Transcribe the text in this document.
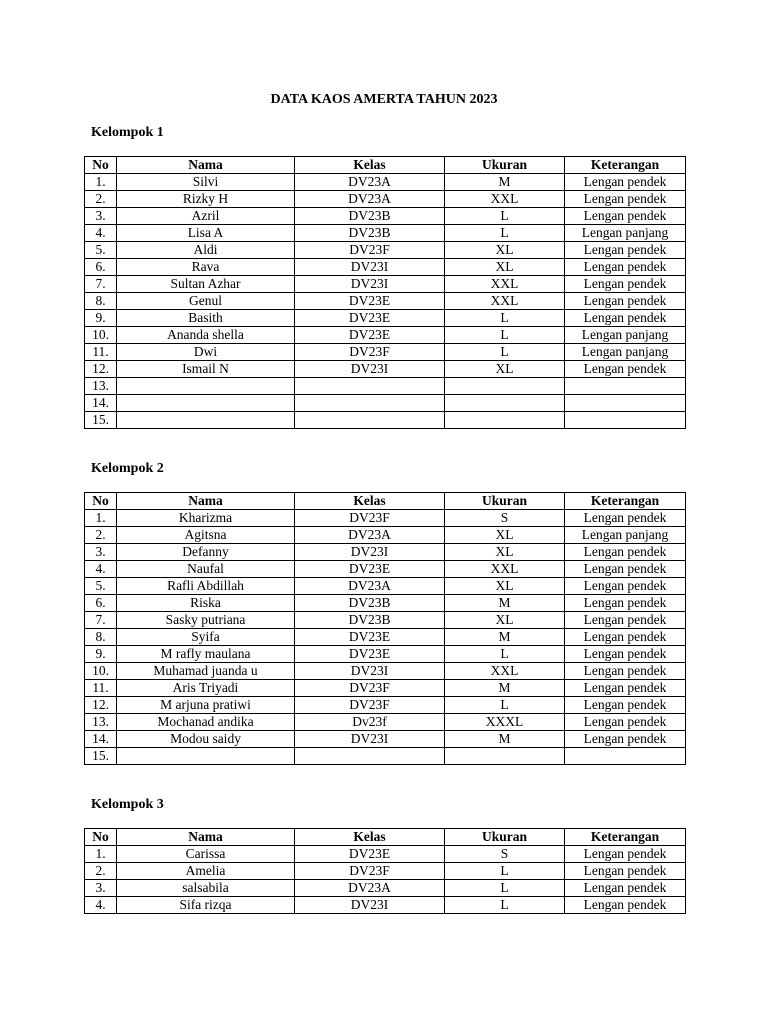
DATA KAOS AMERTA TAHUN 2023
Kelompok 1
No	Nama	Kelas	Ukuran	Keterangan
1.	Silvi	DV23A	M	Lengan pendek
2.	Rizky H	DV23A	XXL	Lengan pendek
3.	Azril	DV23B	L	Lengan pendek
4.	Lisa A	DV23B	L	Lengan panjang
5.	Aldi	DV23F	XL	Lengan pendek
6.	Rava	DV23I	XL	Lengan pendek
7.	Sultan Azhar	DV23I	XXL	Lengan pendek
8.	Genul	DV23E	XXL	Lengan pendek
9.	Basith	DV23E	L	Lengan pendek
10.	Ananda shella	DV23E	L	Lengan panjang
11.	Dwi	DV23F	L	Lengan panjang
12.	Ismail N	DV23I	XL	Lengan pendek
13.				
14.				
15.				
Kelompok 2
No	Nama	Kelas	Ukuran	Keterangan
1.	Kharizma	DV23F	S	Lengan pendek
2.	Agitsna	DV23A	XL	Lengan panjang
3.	Defanny	DV23I	XL	Lengan pendek
4.	Naufal	DV23E	XXL	Lengan pendek
5.	Rafli Abdillah	DV23A	XL	Lengan pendek
6.	Riska	DV23B	M	Lengan pendek
7.	Sasky putriana	DV23B	XL	Lengan pendek
8.	Syifa	DV23E	M	Lengan pendek
9.	M rafly maulana	DV23E	L	Lengan pendek
10.	Muhamad juanda u	DV23I	XXL	Lengan pendek
11.	Aris Triyadi	DV23F	M	Lengan pendek
12.	M arjuna pratiwi	DV23F	L	Lengan pendek
13.	Mochanad andika	Dv23f	XXXL	Lengan pendek
14.	Modou saidy	DV23I	M	Lengan pendek
15.				
Kelompok 3
No	Nama	Kelas	Ukuran	Keterangan
1.	Carissa	DV23E	S	Lengan pendek
2.	Amelia	DV23F	L	Lengan pendek
3.	salsabila	DV23A	L	Lengan pendek
4.	Sifa rizqa	DV23I	L	Lengan pendek
